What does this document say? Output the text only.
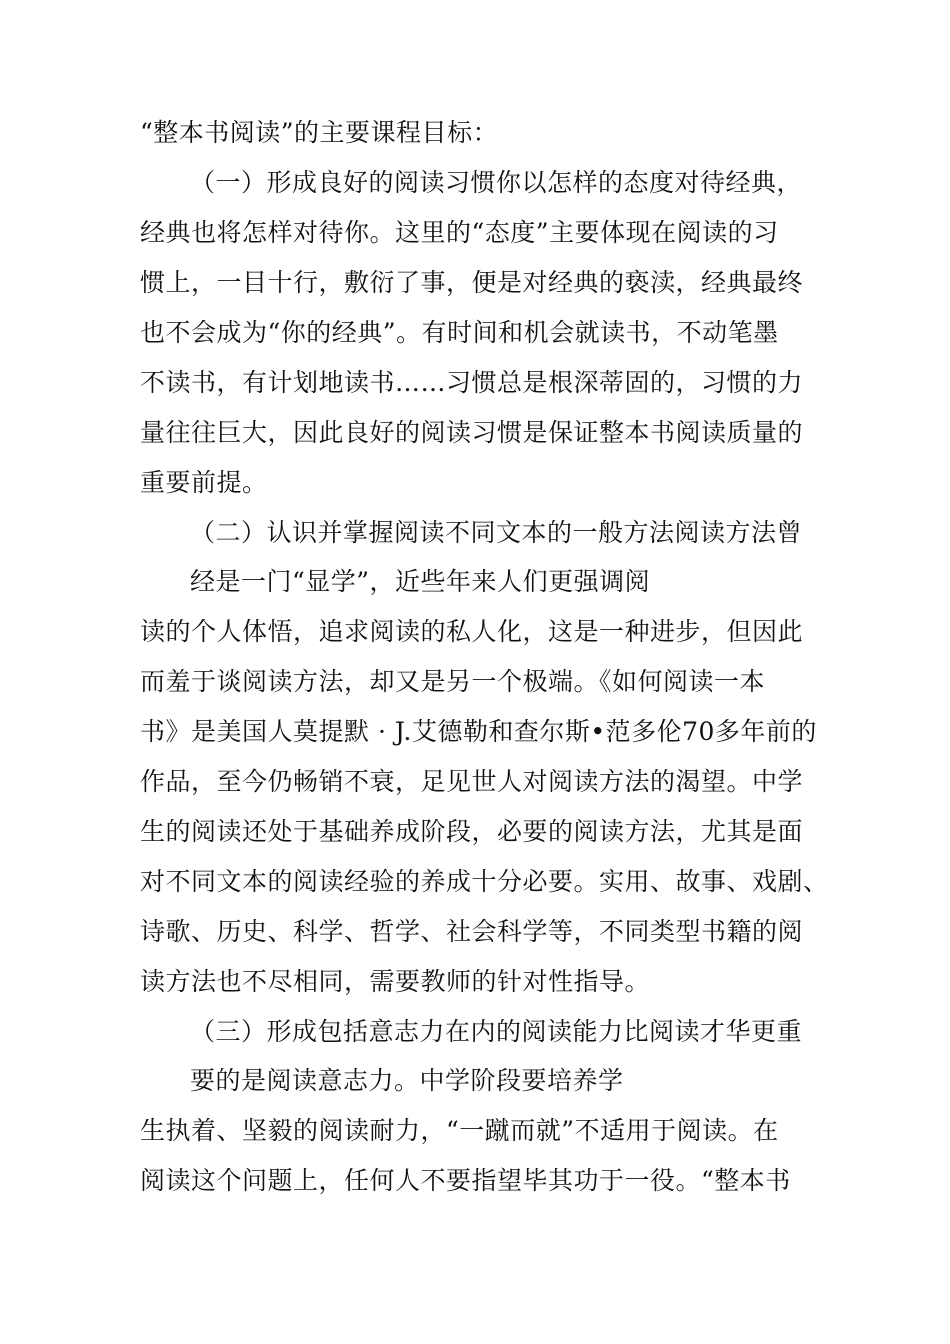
“整本书阅读”的主要课程目标：
（一）形成良好的阅读习惯你以怎样的态度对待经典，
经典也将怎样对待你。这里的“态度”主要体现在阅读的习
惯上，一目十行，敷衍了事，便是对经典的亵渎，经典最终
也不会成为“你的经典”。有时间和机会就读书，不动笔墨
不读书，有计划地读书……习惯总是根深蒂固的，习惯的力
量往往巨大，因此良好的阅读习惯是保证整本书阅读质量的
重要前提。
（二）认识并掌握阅读不同文本的一般方法阅读方法曾
经是一门“显学”，近些年来人们更强调阅
读的个人体悟，追求阅读的私人化，这是一种进步，但因此
而羞于谈阅读方法，却又是另一个极端。《如何阅读一本
书》是美国人莫提默 · J.艾德勒和查尔斯•范多伦70多年前的
作品，至今仍畅销不衰，足见世人对阅读方法的渴望。中学
生的阅读还处于基础养成阶段，必要的阅读方法，尤其是面
对不同文本的阅读经验的养成十分必要。实用、故事、戏剧、
诗歌、历史、科学、哲学、社会科学等，不同类型书籍的阅
读方法也不尽相同，需要教师的针对性指导。
（三）形成包括意志力在内的阅读能力比阅读才华更重
要的是阅读意志力。中学阶段要培养学
生执着、坚毅的阅读耐力，“一蹴而就”不适用于阅读。在
阅读这个问题上，任何人不要指望毕其功于一役。“整本书
